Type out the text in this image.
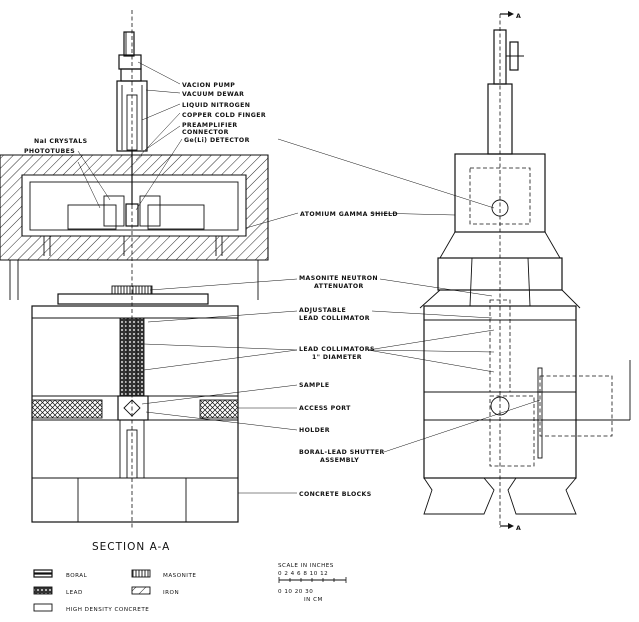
A
A
VACION PUMP
VACUUM DEWAR
LIQUID NITROGEN
COPPER COLD FINGER
PREAMPLIFIER
CONNECTOR
Ge(Li) DETECTOR
NaI CRYSTALS
PHOTOTUBES
ATOMIUM GAMMA SHIELD
MASONITE NEUTRON
ATTENUATOR
ADJUSTABLE
LEAD COLLIMATOR
LEAD COLLIMATORS
1" DIAMETER
SAMPLE
ACCESS PORT
HOLDER
BORAL-LEAD SHUTTER
ASSEMBLY
CONCRETE BLOCKS
SECTION A-A
BORAL
LEAD
HIGH DENSITY CONCRETE
MASONITE
IRON
SCALE IN INCHES
0 2 4 6 8 10 12
0 10 20 30
IN CM
